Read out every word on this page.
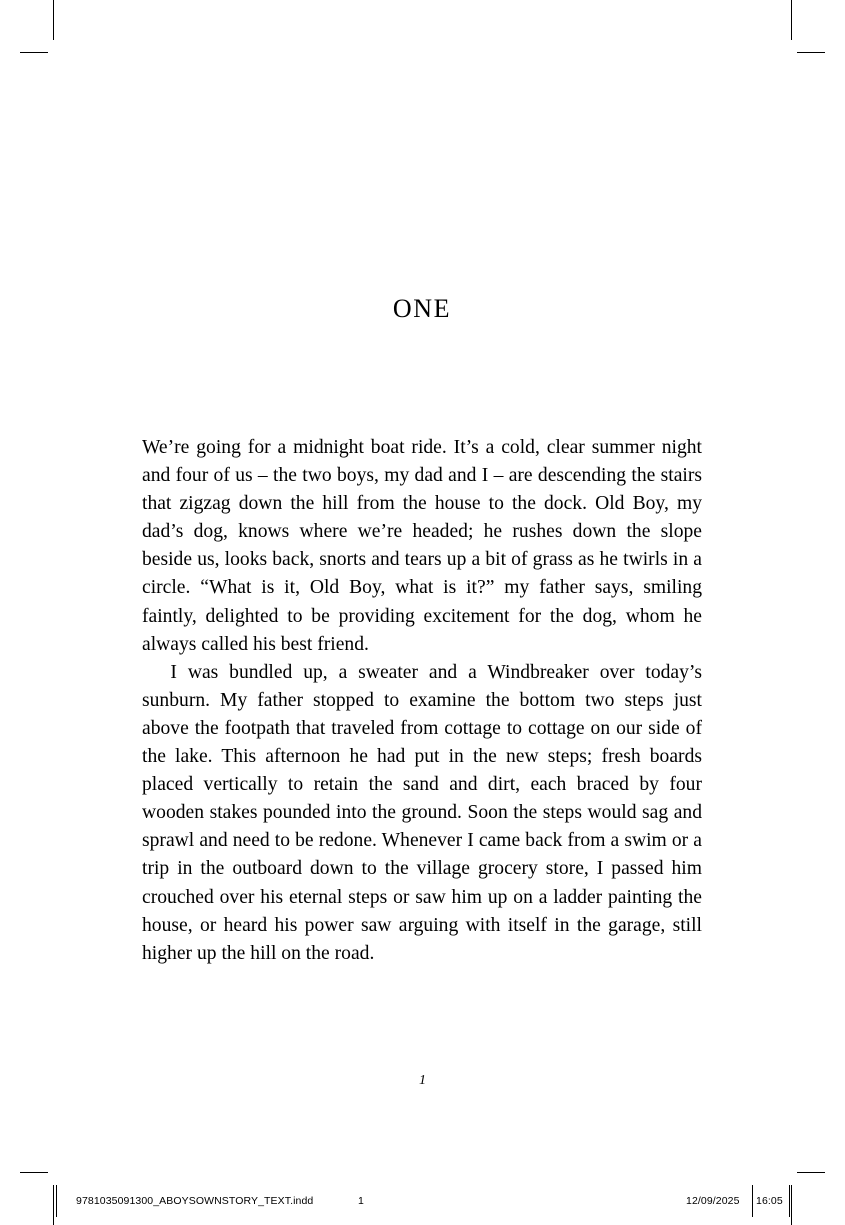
ONE

We’re going for a midnight boat ride. It’s a cold, clear summer night and four of us – the two boys, my dad and I – are descending the stairs that zigzag down the hill from the house to the dock. Old Boy, my dad’s dog, knows where we’re headed; he rushes down the slope beside us, looks back, snorts and tears up a bit of grass as he twirls in a circle. “What is it, Old Boy, what is it?” my father says, smiling faintly, delighted to be providing excitement for the dog, whom he always called his best friend.

I was bundled up, a sweater and a Windbreaker over today’s sunburn. My father stopped to examine the bottom two steps just above the footpath that traveled from cottage to cottage on our side of the lake. This afternoon he had put in the new steps; fresh boards placed vertically to retain the sand and dirt, each braced by four wooden stakes pounded into the ground. Soon the steps would sag and sprawl and need to be redone. Whenever I came back from a swim or a trip in the outboard down to the village grocery store, I passed him crouched over his eternal steps or saw him up on a ladder painting the house, or heard his power saw arguing with itself in the garage, still higher up the hill on the road.

1
9781035091300_ABOYSOWNSTORY_TEXT.indd	1	12/09/2025 16:05
